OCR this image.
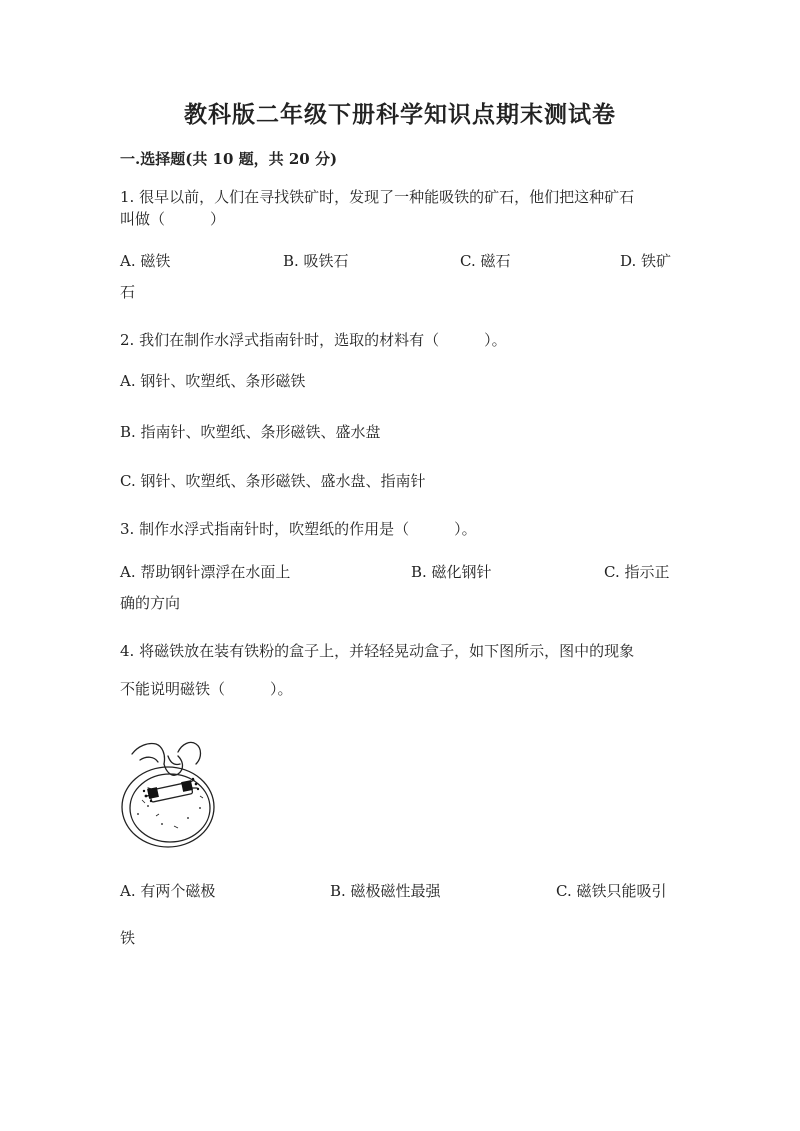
教科版二年级下册科学知识点期末测试卷
一.选择题(共 10 题，共 20 分)
1. 很早以前，人们在寻找铁矿时，发现了一种能吸铁的矿石，他们把这种矿石
叫做（　　　）
A. 磁铁	B. 吸铁石	C. 磁石	D. 铁矿
石
2. 我们在制作水浮式指南针时，选取的材料有（　　　）。
A. 钢针、吹塑纸、条形磁铁
B. 指南针、吹塑纸、条形磁铁、盛水盘
C. 钢针、吹塑纸、条形磁铁、盛水盘、指南针
3. 制作水浮式指南针时，吹塑纸的作用是（　　　）。
A. 帮助钢针漂浮在水面上	B. 磁化钢针	C. 指示正
确的方向
4. 将磁铁放在装有铁粉的盒子上，并轻轻晃动盒子，如下图所示，图中的现象
不能说明磁铁（　　　）。
A. 有两个磁极	B. 磁极磁性最强	C. 磁铁只能吸引
铁
